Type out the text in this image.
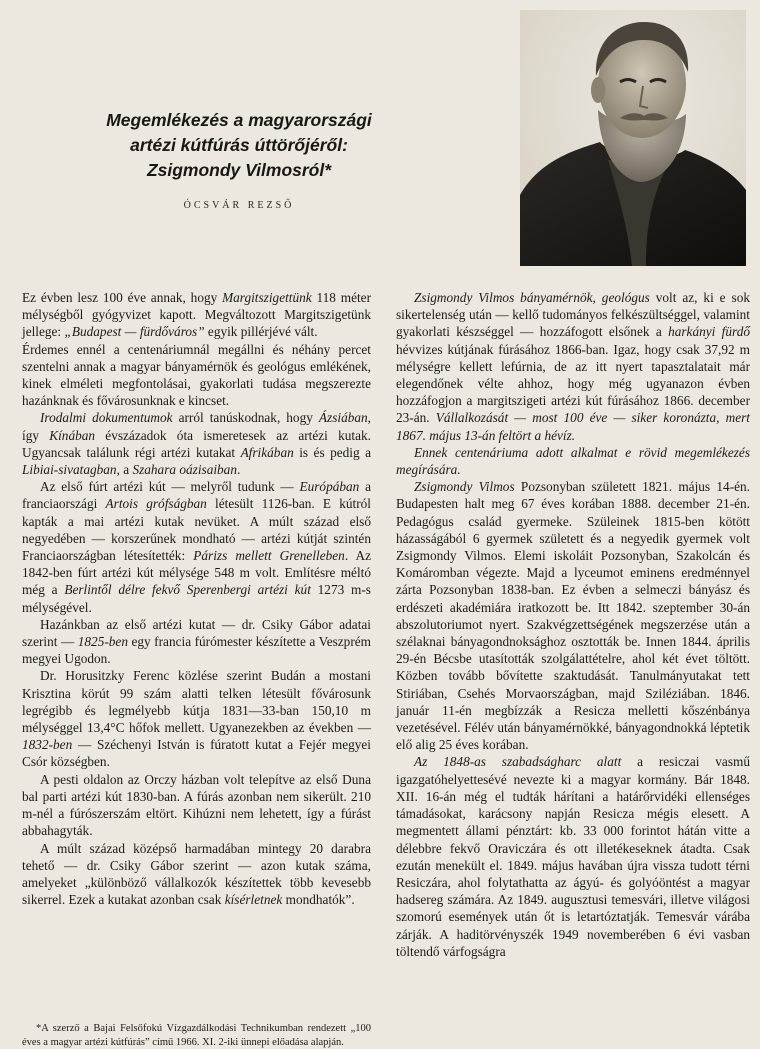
Megemlékezés a magyarországi
artézi kútfúrás úttörőjéről:
Zsigmondy Vilmosról*
ÓCSVÁR REZSŐ

Ez évben lesz 100 éve annak, hogy Margitszigettünk 118 méter mélységből gyógyvizet kapott. Megváltozott Margitszigetünk jellege: „Budapest — fürdőváros” egyik pillérjévé vált.

Érdemes ennél a centenáriumnál megállni és néhány percet szentelni annak a magyar bányamérnök és geológus emlékének, kinek elméleti megfontolásai, gyakorlati tudása megszerezte hazánknak és fővárosunknak e kincset.

Irodalmi dokumentumok arról tanúskodnak, hogy Ázsiában, így Kínában évszázadok óta ismeretesek az artézi kutak. Ugyancsak találunk régi artézi kutakat Afrikában is és pedig a Libiai-sivatagban, a Szahara oázisaiban.

Az első fúrt artézi kút — melyről tudunk — Európában a franciaországi Artois grófságban létesült 1126-ban. E kútról kapták a mai artézi kutak nevüket. A múlt század első negyedében — korszerűnek mondható — artézi kútját szintén Franciaországban létesítették: Párizs mellett Grenelleben. Az 1842-ben fúrt artézi kút mélysége 548 m volt. Említésre méltó még a Berlintől délre fekvő Sperenbergi artézi kút 1273 m-s mélységével.

Hazánkban az első artézi kutat — dr. Csiky Gábor adatai szerint — 1825-ben egy francia fúrómester készítette a Veszprém megyei Ugodon.

Dr. Horusitzky Ferenc közlése szerint Budán a mostani Krisztina körút 99 szám alatti telken létesült fővárosunk legrégibb és legmélyebb kútja 1831—33-ban 150,10 m mélységgel 13,4°C hőfok mellett. Ugyanezekben az években — 1832-ben — Széchenyi István is fúratott kutat a Fejér megyei Csór községben.

A pesti oldalon az Orczy házban volt telepítve az első Duna bal parti artézi kút 1830-ban. A fúrás azonban nem sikerült. 210 m-nél a fúrószerszám eltört. Kihúzni nem lehetett, így a fúrást abbahagyták.

A múlt század középső harmadában mintegy 20 darabra tehető — dr. Csiky Gábor szerint — azon kutak száma, amelyeket „különböző vállalkozók készítettek több kevesebb sikerrel. Ezek a kutakat azonban csak kísérletnek mondhatók”.

Zsigmondy Vilmos bányamérnök, geológus volt az, ki e sok sikertelenség után — kellő tudományos felkészültséggel, valamint gyakorlati készséggel — hozzáfogott elsőnek a harkányi fürdő hévvizes kútjának fúrásához 1866-ban. Igaz, hogy csak 37,92 m mélységre kellett lefúrnia, de az itt nyert tapasztalatait már elegendőnek vélte ahhoz, hogy még ugyanazon évben hozzáfogjon a margitszigeti artézi kút fúrásához 1866. december 23-án. Vállalkozását — most 100 éve — siker koronázta, mert 1867. május 13-án feltört a hévíz.

Ennek centenáriuma adott alkalmat e rövid megemlékezés megírására.

Zsigmondy Vilmos Pozsonyban született 1821. május 14-én. Budapesten halt meg 67 éves korában 1888. december 21-én. Pedagógus család gyermeke. Szüleinek 1815-ben kötött házasságából 6 gyermek született és a negyedik gyermek volt Zsigmondy Vilmos. Elemi iskoláit Pozsonyban, Szakolcán és Komáromban végezte. Majd a lyceumot eminens eredménnyel zárta Pozsonyban 1838-ban. Ez évben a selmeczi bányász és erdészeti akadémiára iratkozott be. Itt 1842. szeptember 30-án abszolutoriumot nyert. Szakvégzettségének megszerzése után a szélaknai bányagondnoksághoz osztották be. Innen 1844. április 29-én Bécsbe utasították szolgálattételre, ahol két évet töltött. Közben tovább bővítette szaktudását. Tanulmányutakat tett Stiriában, Csehés Morvaországban, majd Sziléziában. 1846. január 11-én megbízzák a Resicza melletti kőszénbánya vezetésével. Félév után bányamérnökké, bányagondnokká léptetik elő alig 25 éves korában.

Az 1848-as szabadságharc alatt a resiczai vasmű igazgatóhelyettesévé nevezte ki a magyar kormány. Bár 1848. XII. 16-án még el tudták hárítani a határőrvidéki ellenséges támadásokat, karácsony napján Resicza mégis elesett. A megmentett állami pénztárt: kb. 33 000 forintot hátán vitte a délebbre fekvő Oraviczára és ott illetékeseknek átadta. Csak ezután menekült el. 1849. május havában újra vissza tudott térni Resiczára, ahol folytathatta az ágyú- és golyóöntést a magyar hadsereg számára. Az 1849. augusztusi temesvári, illetve világosi szomorú események után őt is letartóztatják. Temesvár várába zárják. A haditörvényszék 1949 novemberében 6 évi vasban töltendő várfogságra

*A szerző a Bajai Felsőfokú Vízgazdálkodási Technikumban rendezett „100 éves a magyar artézi kútfúrás” című 1966. XI. 2-iki ünnepi előadása alapján.
